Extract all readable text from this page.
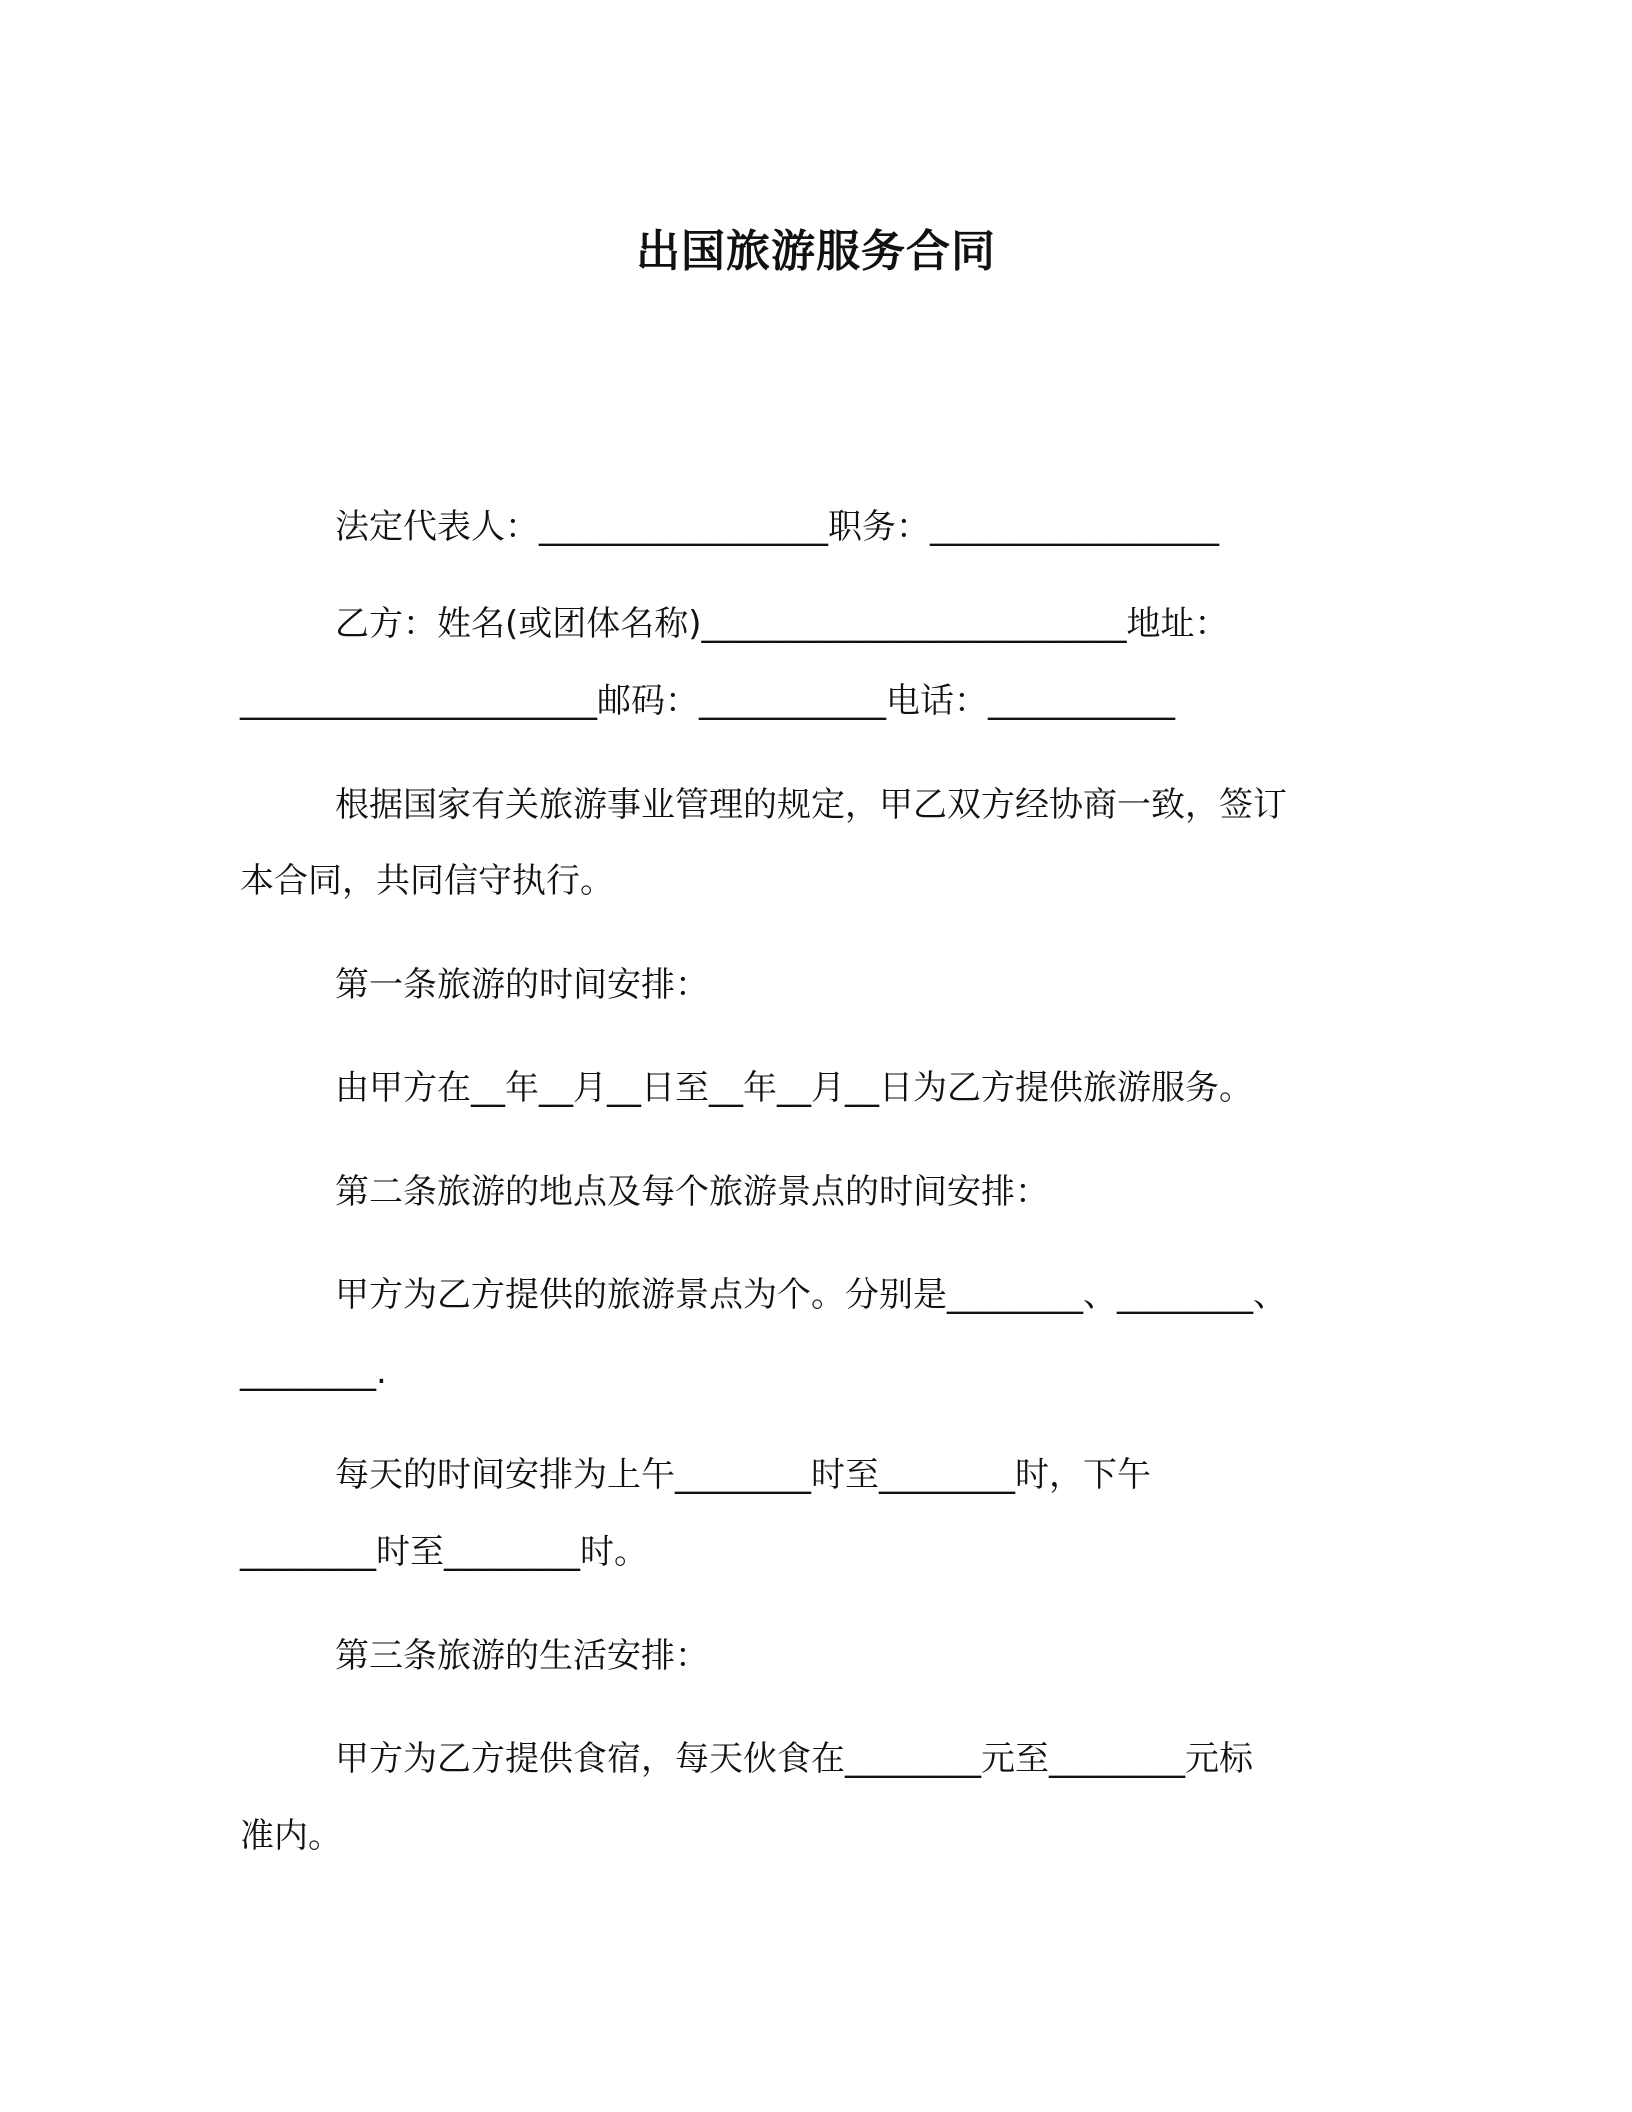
出国旅游服务合同
法定代表人：_________________职务：_________________
乙方：姓名(或团体名称)_________________________地址：
_____________________邮码：___________电话：___________
根据国家有关旅游事业管理的规定，甲乙双方经协商一致，签订
本合同，共同信守执行。
第一条旅游的时间安排：
由甲方在__年__月__日至__年__月__日为乙方提供旅游服务。
第二条旅游的地点及每个旅游景点的时间安排：
甲方为乙方提供的旅游景点为个。分别是________、________、
________.
每天的时间安排为上午________时至________时，下午
________时至________时。
第三条旅游的生活安排：
甲方为乙方提供食宿，每天伙食在________元至________元标
准内。
